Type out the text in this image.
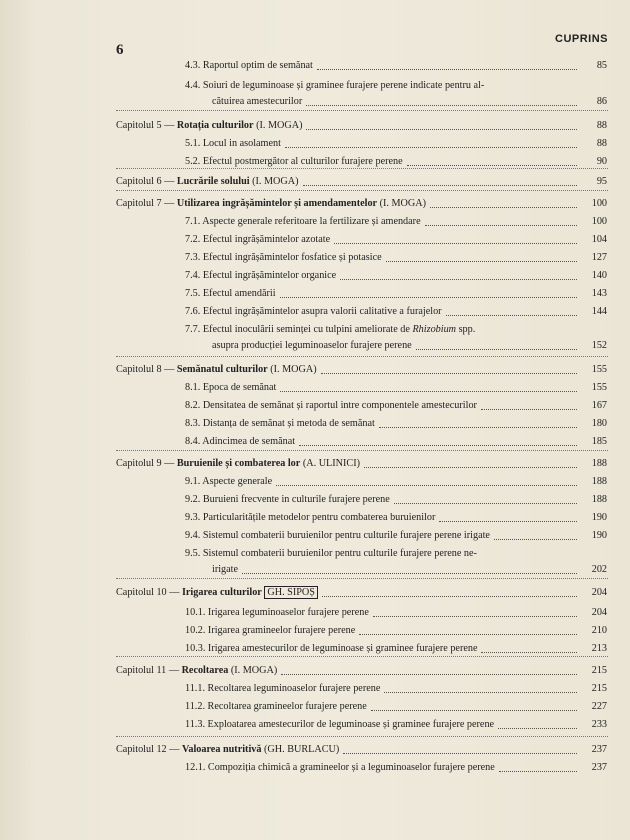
6
CUPRINS
4.3. Raportul optim de semănat	85
4.4. Soiuri de leguminoase și graminee furajere perene indicate pentru al-
cătuirea amestecurilor	86
Capitolul 5 — Rotația culturilor (I. MOGA)	88
5.1. Locul in asolament	88
5.2. Efectul postmergător al culturilor furajere perene	90
Capitolul 6 — Lucrările solului (I. MOGA)	95
Capitolul 7 — Utilizarea ingrășămintelor și amendamentelor (I. MOGA)	100
7.1. Aspecte generale referitoare la fertilizare și amendare	100
7.2. Efectul ingrășămintelor azotate	104
7.3. Efectul ingrășămintelor fosfatice și potasice	127
7.4. Efectul ingrășămintelor organice	140
7.5. Efectul amendării	143
7.6. Efectul ingrășămintelor asupra valorii calitative a furajelor	144
7.7. Efectul inoculării seminței cu tulpini ameliorate de Rhizobium spp.
asupra producției leguminoaselor furajere perene	152
Capitolul 8 — Semănatul culturilor (I. MOGA)	155
8.1. Epoca de semănat	155
8.2. Densitatea de semănat și raportul intre componentele amestecurilor	167
8.3. Distanța de semănat și metoda de semănat	180
8.4. Adincimea de semănat	185
Capitolul 9 — Buruienile și combaterea lor (A. ULINICI)	188
9.1. Aspecte generale	188
9.2. Buruieni frecvente in culturile furajere perene	188
9.3. Particularitățile metodelor pentru combaterea buruienilor	190
9.4. Sistemul combaterii buruienilor pentru culturile furajere perene irigate	190
9.5. Sistemul combaterii buruienilor pentru culturile furajere perene ne-
irigate	202
Capitolul 10 — Irigarea culturilor GH. SIPOȘ	204
10.1. Irigarea leguminoaselor furajere perene	204
10.2. Irigarea gramineelor furajere perene	210
10.3. Irigarea amestecurilor de leguminoase și graminee furajere perene	213
Capitolul 11 — Recoltarea (I. MOGA)	215
11.1. Recoltarea leguminoaselor furajere perene	215
11.2. Recoltarea gramineelor furajere perene	227
11.3. Exploatarea amestecurilor de leguminoase și graminee furajere perene	233
Capitolul 12 — Valoarea nutritivă (GH. BURLACU)	237
12.1. Compoziția chimică a gramineelor și a leguminoaselor furajere perene	237
